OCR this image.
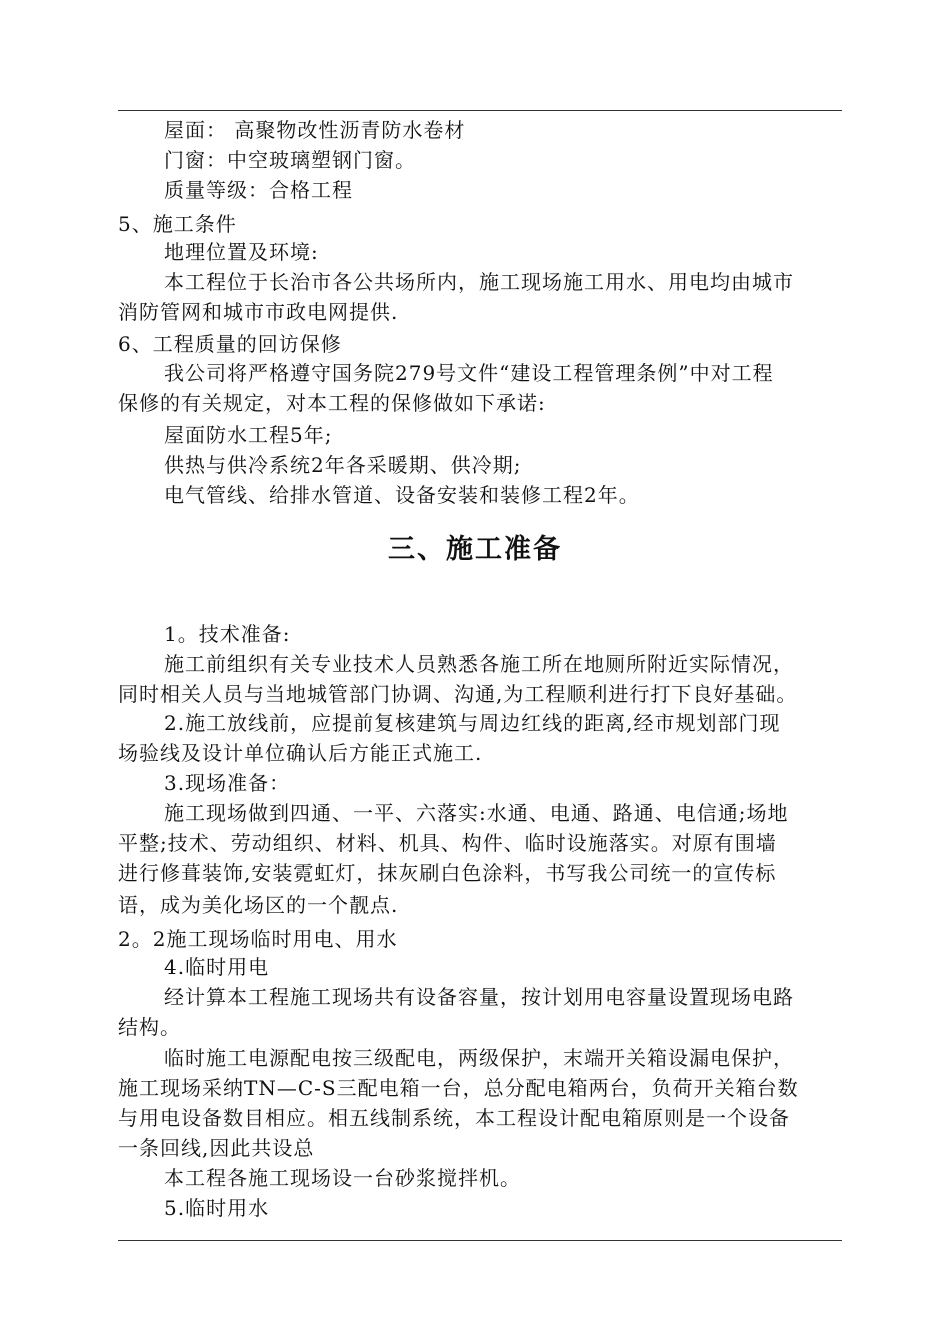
屋面： 高聚物改性沥青防水卷材
门窗：中空玻璃塑钢门窗。
质量等级：合格工程
5、施工条件
地理位置及环境:
本工程位于长治市各公共场所内，施工现场施工用水、用电均由城市
消防管网和城市市政电网提供.
6、工程质量的回访保修
我公司将严格遵守国务院279号文件“建设工程管理条例”中对工程
保修的有关规定，对本工程的保修做如下承诺:
屋面防水工程5年;
供热与供冷系统2年各采暖期、供冷期;
电气管线、给排水管道、设备安装和装修工程2年。
三、施工准备
1。技术准备:
施工前组织有关专业技术人员熟悉各施工所在地厕所附近实际情况，
同时相关人员与当地城管部门协调、沟通,为工程顺利进行打下良好基础。
2.施工放线前，应提前复核建筑与周边红线的距离,经市规划部门现
场验线及设计单位确认后方能正式施工.
3.现场准备：
施工现场做到四通、一平、六落实:水通、电通、路通、电信通;场地
平整;技术、劳动组织、材料、机具、构件、临时设施落实。对原有围墙
进行修葺装饰,安装霓虹灯，抹灰刷白色涂料，书写我公司统一的宣传标
语，成为美化场区的一个靓点.
2。2施工现场临时用电、用水
4.临时用电
经计算本工程施工现场共有设备容量，按计划用电容量设置现场电路
结构。
临时施工电源配电按三级配电，两级保护，末端开关箱设漏电保护，
施工现场采纳TN—C-S三配电箱一台，总分配电箱两台，负荷开关箱台数
与用电设备数目相应。相五线制系统，本工程设计配电箱原则是一个设备
一条回线,因此共设总
本工程各施工现场设一台砂浆搅拌机。
5.临时用水
